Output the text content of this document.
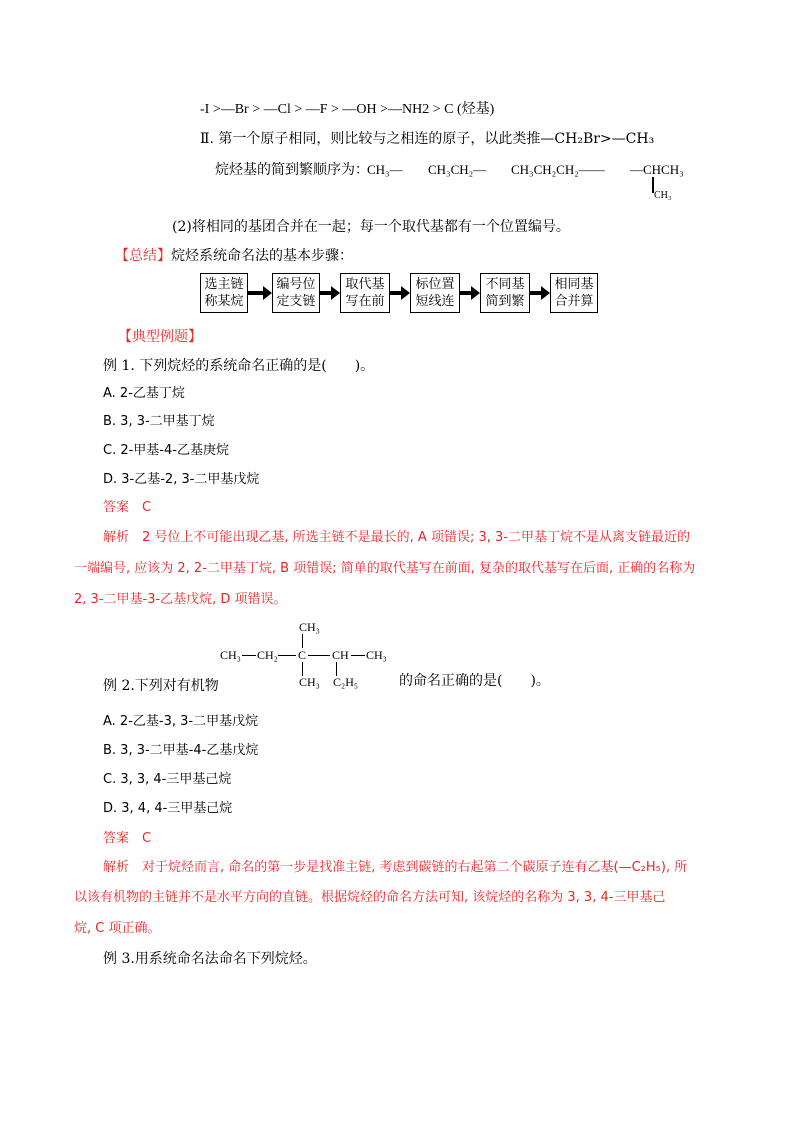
-I >—Br > —Cl > —F > —OH >—NH2 > C (烃基)
Ⅱ. 第一个原子相同，则比较与之相连的原子，以此类推—CH₂Br>—CH₃
烷烃基的简到繁顺序为：
CH₃— CH₃CH₂— CH₃CH₂CH₂—— —CHCH₃
CH₃
(2)将相同的基团合并在一起；每一个取代基都有一个位置编号。
【总结】烷烃系统命名法的基本步骤：
选主链
称某烷
编号位
定支链
取代基
写在前
标位置
短线连
不同基
简到繁
相同基
合并算
【典型例题】
例 1. 下列烷烃的系统命名正确的是(　　)。
A. 2-乙基丁烷
B. 3, 3-二甲基丁烷
C. 2-甲基-4-乙基庚烷
D. 3-乙基-2, 3-二甲基戊烷
答案　C
解析　2 号位上不可能出现乙基, 所选主链不是最长的, A 项错误; 3, 3-二甲基丁烷不是从离支链最近的
一端编号, 应该为 2, 2-二甲基丁烷, B 项错误; 简单的取代基写在前面, 复杂的取代基写在后面, 正确的名称为
2, 3-二甲基-3-乙基戊烷, D 项错误。
CH₃
CH₃ CH₂ C CH CH₃
CH₃ C₂H₅
例 2.下列对有机物	的命名正确的是(　　)。
A. 2-乙基-3, 3-二甲基戊烷
B. 3, 3-二甲基-4-乙基戊烷
C. 3, 3, 4-三甲基己烷
D. 3, 4, 4-三甲基己烷
答案　C
解析　对于烷烃而言, 命名的第一步是找准主链, 考虑到碳链的右起第二个碳原子连有乙基(—C₂H₅), 所
以该有机物的主链并不是水平方向的直链。根据烷烃的命名方法可知, 该烷烃的名称为 3, 3, 4-三甲基己
烷, C 项正确。
例 3.用系统命名法命名下列烷烃。
